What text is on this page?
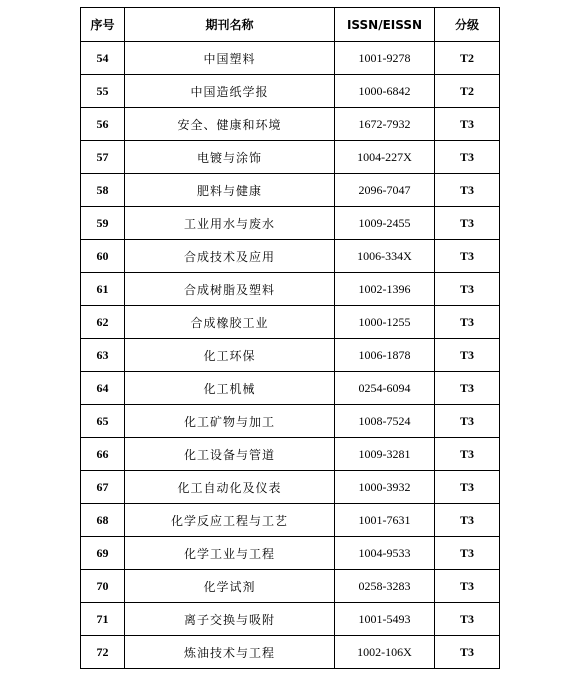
序号	期刊名称	ISSN/EISSN	分级
54	中国塑料	1001-9278	T2
55	中国造纸学报	1000-6842	T2
56	安全、健康和环境	1672-7932	T3
57	电镀与涂饰	1004-227X	T3
58	肥料与健康	2096-7047	T3
59	工业用水与废水	1009-2455	T3
60	合成技术及应用	1006-334X	T3
61	合成树脂及塑料	1002-1396	T3
62	合成橡胶工业	1000-1255	T3
63	化工环保	1006-1878	T3
64	化工机械	0254-6094	T3
65	化工矿物与加工	1008-7524	T3
66	化工设备与管道	1009-3281	T3
67	化工自动化及仪表	1000-3932	T3
68	化学反应工程与工艺	1001-7631	T3
69	化学工业与工程	1004-9533	T3
70	化学试剂	0258-3283	T3
71	离子交换与吸附	1001-5493	T3
72	炼油技术与工程	1002-106X	T3
